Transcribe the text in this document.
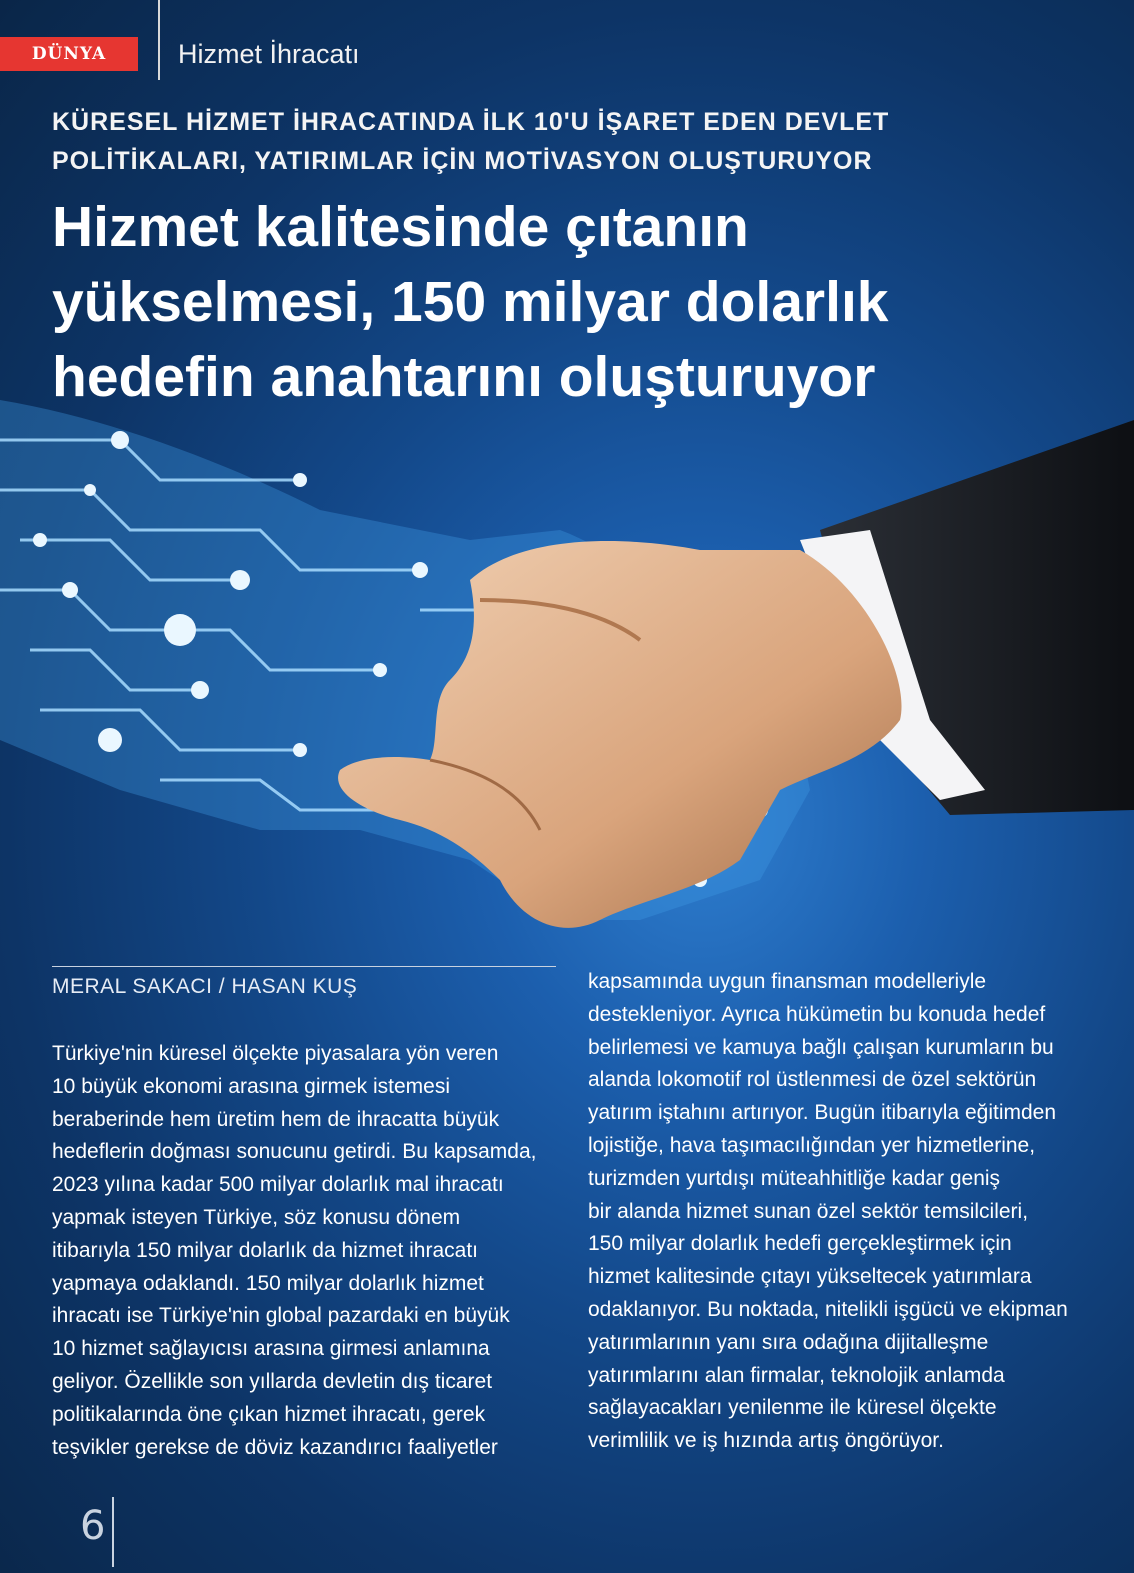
DÜNYA	Hizmet İhracatı
KÜRESEL HİZMET İHRACATINDA İLK 10'U İŞARET EDEN DEVLET POLİTİKALARI, YATIRIMLAR İÇİN MOTİVASYON OLUŞTURUYOR
Hizmet kalitesinde çıtanın yükselmesi, 150 milyar dolarlık hedefin anahtarını oluşturuyor
MERAL SAKACI / HASAN KUŞ
Türkiye'nin küresel ölçekte piyasalara yön veren
10 büyük ekonomi arasına girmek istemesi
beraberinde hem üretim hem de ihracatta büyük
hedeflerin doğması sonucunu getirdi. Bu kapsamda,
2023 yılına kadar 500 milyar dolarlık mal ihracatı
yapmak isteyen Türkiye, söz konusu dönem
itibarıyla 150 milyar dolarlık da hizmet ihracatı
yapmaya odaklandı. 150 milyar dolarlık hizmet
ihracatı ise Türkiye'nin global pazardaki en büyük
10 hizmet sağlayıcısı arasına girmesi anlamına
geliyor. Özellikle son yıllarda devletin dış ticaret
politikalarında öne çıkan hizmet ihracatı, gerek
teşvikler gerekse de döviz kazandırıcı faaliyetler
kapsamında uygun finansman modelleriyle
destekleniyor. Ayrıca hükümetin bu konuda hedef
belirlemesi ve kamuya bağlı çalışan kurumların bu
alanda lokomotif rol üstlenmesi de özel sektörün
yatırım iştahını artırıyor. Bugün itibarıyla eğitimden
lojistiğe, hava taşımacılığından yer hizmetlerine,
turizmden yurtdışı müteahhitliğe kadar geniş
bir alanda hizmet sunan özel sektör temsilcileri,
150 milyar dolarlık hedefi gerçekleştirmek için
hizmet kalitesinde çıtayı yükseltecek yatırımlara
odaklanıyor. Bu noktada, nitelikli işgücü ve ekipman
yatırımlarının yanı sıra odağına dijitalleşme
yatırımlarını alan firmalar, teknolojik anlamda
sağlayacakları yenilenme ile küresel ölçekte
verimlilik ve iş hızında artış öngörüyor.
6
